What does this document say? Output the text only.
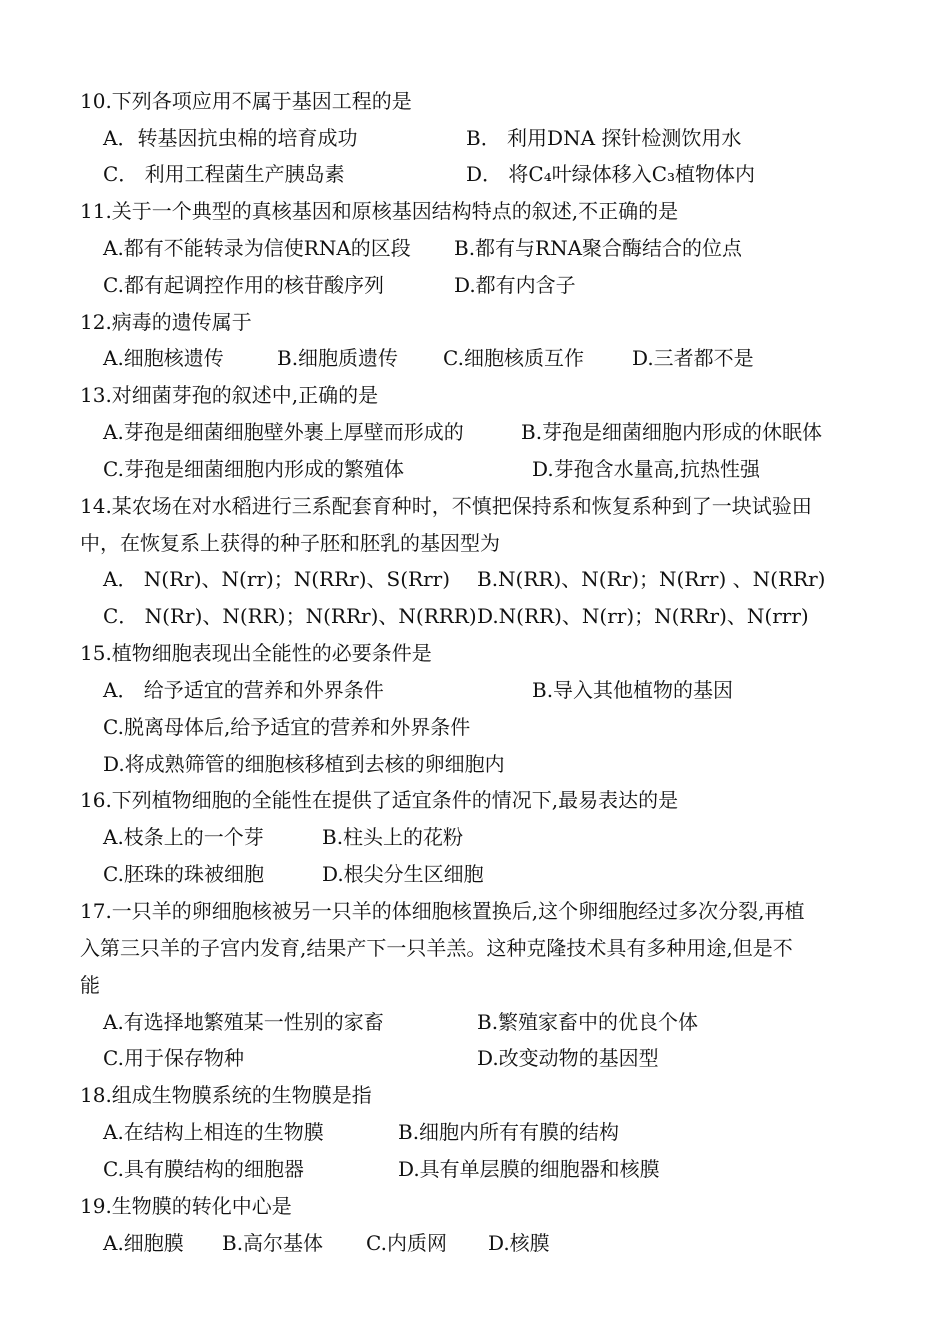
10.下列各项应用不属于基因工程的是
A．转基因抗虫棉的培育成功	B． 利用DNA 探针检测饮用水
C． 利用工程菌生产胰岛素	D． 将C₄叶绿体移入C₃植物体内
11.关于一个典型的真核基因和原核基因结构特点的叙述,不正确的是
A.都有不能转录为信使RNA的区段 B.都有与RNA聚合酶结合的位点
C.都有起调控作用的核苷酸序列	D.都有内含子
12.病毒的遗传属于
A.细胞核遗传	B.细胞质遗传 C.细胞核质互作 D.三者都不是
13.对细菌芽孢的叙述中,正确的是
A.芽孢是细菌细胞壁外裹上厚壁而形成的	B.芽孢是细菌细胞内形成的休眠体
C.芽孢是细菌细胞内形成的繁殖体	D.芽孢含水量高,抗热性强
14.某农场在对水稻进行三系配套育种时，不慎把保持系和恢复系种到了一块试验田
中，在恢复系上获得的种子胚和胚乳的基因型为
A． N(Rr)、N(rr)；N(RRr)、S(Rrr) B.N(RR)、N(Rr)；N(Rrr) 、N(RRr)
C． N(Rr)、N(RR)；N(RRr)、N(RRR) D.N(RR)、N(rr)；N(RRr)、N(rrr)
15.植物细胞表现出全能性的必要条件是
A． 给予适宜的营养和外界条件	B.导入其他植物的基因
C.脱离母体后,给予适宜的营养和外界条件
D.将成熟筛管的细胞核移植到去核的卵细胞内
16.下列植物细胞的全能性在提供了适宜条件的情况下,最易表达的是
A.枝条上的一个芽	B.柱头上的花粉
C.胚珠的珠被细胞	D.根尖分生区细胞
17.一只羊的卵细胞核被另一只羊的体细胞核置换后,这个卵细胞经过多次分裂,再植
入第三只羊的子宫内发育,结果产下一只羊羔。这种克隆技术具有多种用途,但是不
能
A.有选择地繁殖某一性别的家畜	B.繁殖家畜中的优良个体
C.用于保存物种	D.改变动物的基因型
18.组成生物膜系统的生物膜是指
A.在结构上相连的生物膜	B.细胞内所有有膜的结构
C.具有膜结构的细胞器	D.具有单层膜的细胞器和核膜
19.生物膜的转化中心是
A.细胞膜 B.高尔基体 C.内质网 D.核膜
